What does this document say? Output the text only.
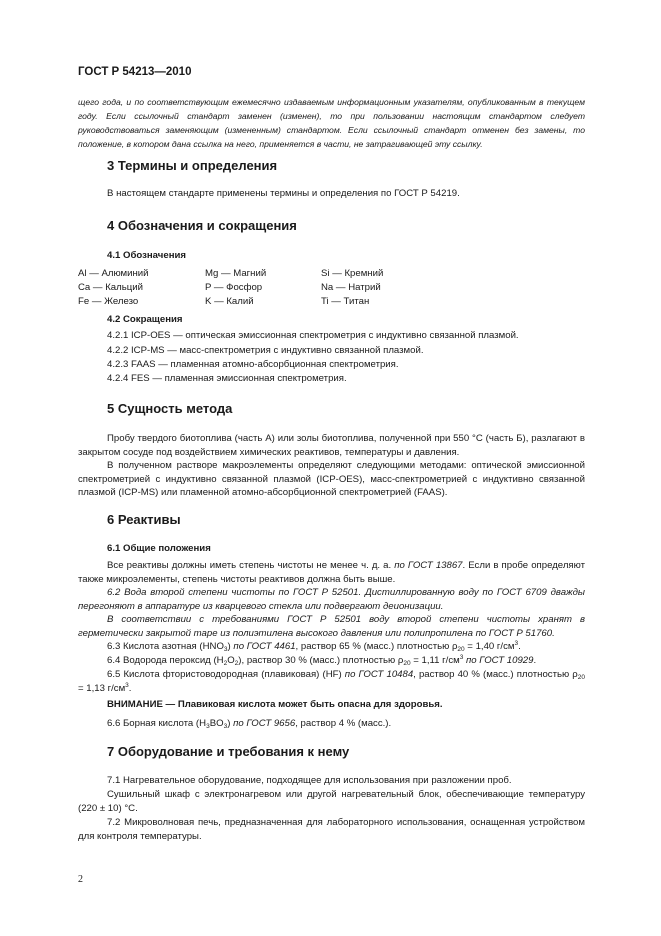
ГОСТ Р 54213—2010
щего года, и по соответствующим ежемесячно издаваемым информационным указателям, опубликованным в текущем году. Если ссылочный стандарт заменен (изменен), то при пользовании настоящим стандартом следует руководствоваться заменяющим (измененным) стандартом. Если ссылочный стандарт отменен без замены, то положение, в котором дана ссылка на него, применяется в части, не затрагивающей эту ссылку.
3 Термины и определения
В настоящем стандарте применены термины и определения по ГОСТ Р 54219.
4 Обозначения и сокращения
4.1 Обозначения
Al — Алюминий	Mg — Магний	Si — Кремний
Ca — Кальций	P — Фосфор	Na — Натрий
Fe — Железо	K — Калий	Ti — Титан
4.2 Сокращения
4.2.1 ICP-OES — оптическая эмиссионная спектрометрия с индуктивно связанной плазмой.
4.2.2 ICP-MS — масс-спектрометрия с индуктивно связанной плазмой.
4.2.3 FAAS — пламенная атомно-абсорбционная спектрометрия.
4.2.4 FES — пламенная эмиссионная спектрометрия.
5 Сущность метода
Пробу твердого биотоплива (часть А) или золы биотоплива, полученной при 550 °С (часть Б), разлагают в закрытом сосуде под воздействием химических реактивов, температуры и давления.
В полученном растворе макроэлементы определяют следующими методами: оптической эмиссионной спектрометрией с индуктивно связанной плазмой (ICP-OES), масс-спектрометрией с индуктивно связанной плазмой (ICP-MS) или пламенной атомно-абсорбционной спектрометрией (FAAS).
6 Реактивы
6.1 Общие положения
Все реактивы должны иметь степень чистоты не менее ч. д. а. по ГОСТ 13867. Если в пробе определяют также микроэлементы, степень чистоты реактивов должна быть выше.
6.2 Вода второй степени чистоты по ГОСТ Р 52501. Дистиллированную воду по ГОСТ 6709 дважды перегоняют в аппаратуре из кварцевого стекла или подвергают деионизации.
В соответствии с требованиями ГОСТ Р 52501 воду второй степени чистоты хранят в герметически закрытой таре из полиэтилена высокого давления или полипропилена по ГОСТ Р 51760.
6.3 Кислота азотная $(HNO_3)$ по ГОСТ 4461, раствор 65 % (масс.) плотностью $\rho_{20} = 1,40$ $г/см^3$.
6.4 Водорода пероксид $(H_2O_2)$, раствор 30 % (масс.) плотностью $\rho_{20} = 1,11$ $г/см^3$ по ГОСТ 10929.
6.5 Кислота фтористоводородная (плавиковая) (HF) по ГОСТ 10484, раствор 40 % (масс.) плотностью $\rho_{20} = 1,13$ $г/см^3$.
ВНИМАНИЕ — Плавиковая кислота может быть опасна для здоровья.
6.6 Борная кислота $(H_3BO_3)$ по ГОСТ 9656, раствор 4 % (масс.).
7 Оборудование и требования к нему
7.1 Нагревательное оборудование, подходящее для использования при разложении проб.
Сушильный шкаф с электронагревом или другой нагревательный блок, обеспечивающие температуру (220 ± 10) °С.
7.2 Микроволновая печь, предназначенная для лабораторного использования, оснащенная устройством для контроля температуры.
2
